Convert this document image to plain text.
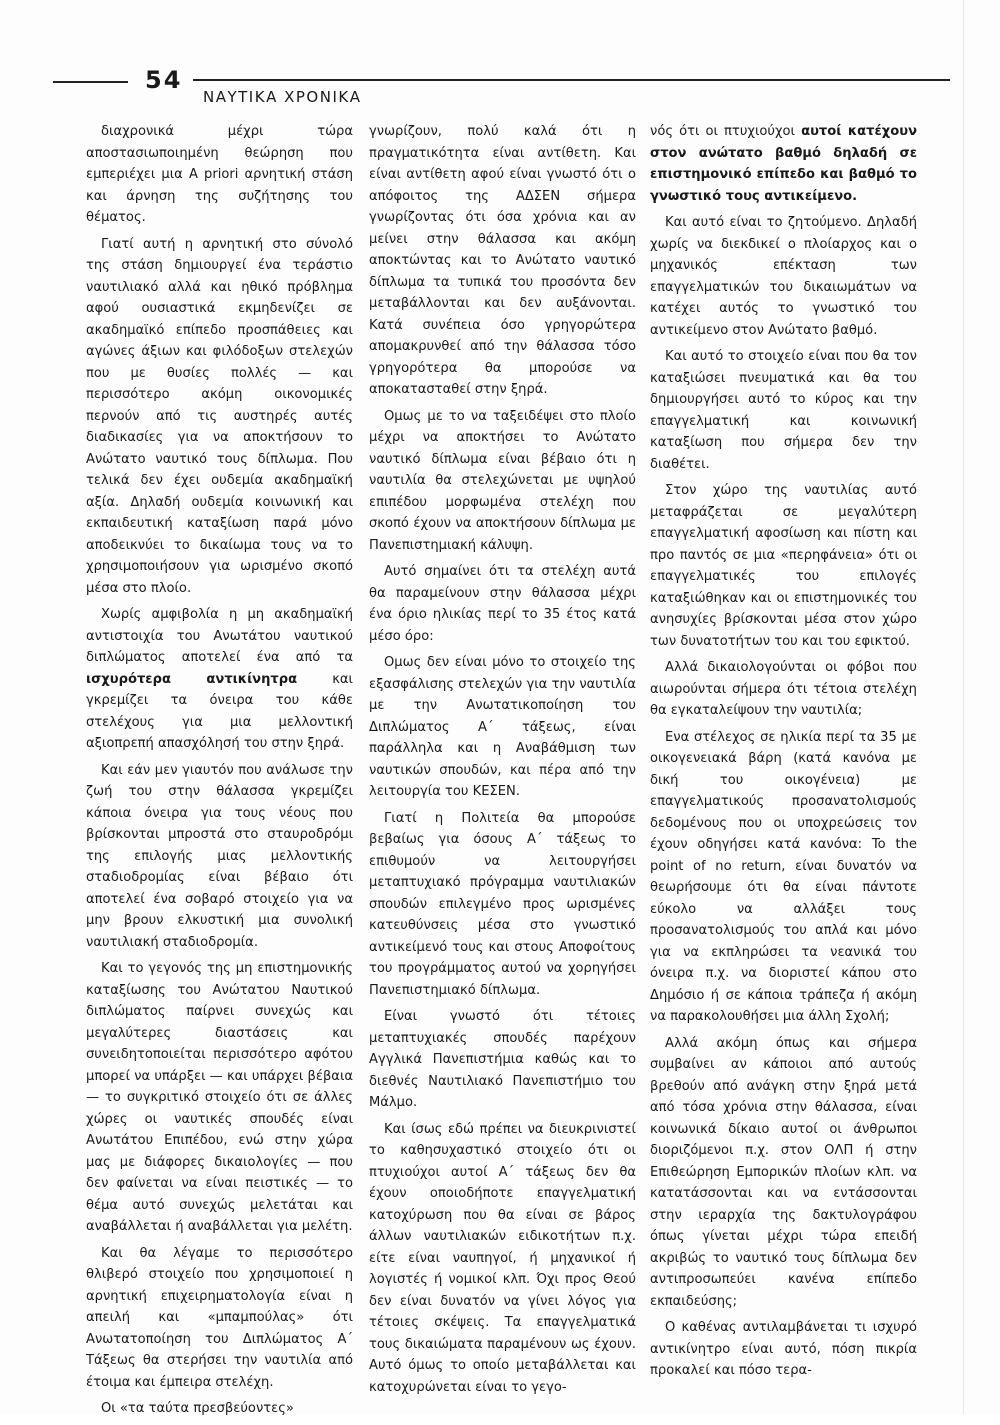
54
ΝΑΥΤΙΚΑ ΧΡΟΝΙΚΑ

διαχρονικά μέχρι τώρα αποστασιωποιημένη θεώρηση που εμπεριέχει μια A priori αρνητική στάση και άρνηση της συζήτησης του θέματος.

Γιατί αυτή η αρνητική στο σύνολό της στάση δημιουργεί ένα τεράστιο ναυτιλιακό αλλά και ηθικό πρόβλημα αφού ουσιαστικά εκμηδενίζει σε ακαδημαϊκό επίπεδο προσπάθειες και αγώνες άξιων και φιλόδοξων στελεχών που με θυσίες πολλές — και περισσότερο ακόμη οικονομικές περνούν από τις αυστηρές αυτές διαδικασίες για να αποκτήσουν το Ανώτατο ναυτικό τους δίπλωμα. Που τελικά δεν έχει ουδεμία ακαδημαϊκή αξία. Δηλαδή ουδεμία κοινωνική και εκπαιδευτική καταξίωση παρά μόνο αποδεικνύει το δικαίωμα τους να το χρησιμοποιήσουν για ωρισμένο σκοπό μέσα στο πλοίο.

Χωρίς αμφιβολία η μη ακαδημαϊκή αντιστοιχία του Ανωτάτου ναυτικού διπλώματος αποτελεί ένα από τα ισχυρότερα αντικίνητρα και γκρεμίζει τα όνειρα του κάθε στελέχους για μια μελλοντική αξιοπρεπή απασχόλησή του στην ξηρά.

Και εάν μεν γιαυτόν που ανάλωσε την ζωή του στην θάλασσα γκρεμίζει κάποια όνειρα για τους νέους που βρίσκονται μπροστά στο σταυροδρόμι της επιλογής μιας μελλοντικής σταδιοδρομίας είναι βέβαιο ότι αποτελεί ένα σοβαρό στοιχείο για να μην βρουν ελκυστική μια συνολική ναυτιλιακή σταδιοδρομία.

Και το γεγονός της μη επιστημονικής καταξίωσης του Ανώτατου Ναυτικού διπλώματος παίρνει συνεχώς και μεγαλύτερες διαστάσεις και συνειδητοποιείται περισσότερο αφότου μπορεί να υπάρξει — και υπάρχει βέβαια — το συγκριτικό στοιχείο ότι σε άλλες χώρες οι ναυτικές σπουδές είναι Ανωτάτου Επιπέδου, ενώ στην χώρα μας με διάφορες δικαιολογίες — που δεν φαίνεται να είναι πειστικές — το θέμα αυτό συνεχώς μελετάται και αναβάλλεται ή αναβάλλεται για μελέτη.

Και θα λέγαμε το περισσότερο θλιβερό στοιχείο που χρησιμοποιεί η αρνητική επιχειρηματολογία είναι η απειλή και «μπαμπούλας» ότι Ανωτατοποίηση του Διπλώματος Α΄ Τάξεως θα στερήσει την ναυτιλία από έτοιμα και έμπειρα στελέχη.

Οι «τα ταύτα πρεσβεύοντες»

γνωρίζουν, πολύ καλά ότι η πραγματικότητα είναι αντίθετη. Και είναι αντίθετη αφού είναι γνωστό ότι ο απόφοιτος της ΑΔΣΕΝ σήμερα γνωρίζοντας ότι όσα χρόνια και αν μείνει στην θάλασσα και ακόμη αποκτώντας και το Ανώτατο ναυτικό δίπλωμα τα τυπικά του προσόντα δεν μεταβάλλονται και δεν αυξάνονται. Κατά συνέπεια όσο γρηγορώτερα απομακρυνθεί από την θάλασσα τόσο γρηγορότερα θα μπορούσε να αποκατασταθεί στην ξηρά.

Ομως με το να ταξειδέψει στο πλοίο μέχρι να αποκτήσει το Ανώτατο ναυτικό δίπλωμα είναι βέβαιο ότι η ναυτιλία θα στελεχώνεται με υψηλού επιπέδου μορφωμένα στελέχη που σκοπό έχουν να αποκτήσουν δίπλωμα με Πανεπιστημιακή κάλυψη.

Αυτό σημαίνει ότι τα στελέχη αυτά θα παραμείνουν στην θάλασσα μέχρι ένα όριο ηλικίας περί το 35 έτος κατά μέσο όρο:

Ομως δεν είναι μόνο το στοιχείο της εξασφάλισης στελεχών για την ναυτιλία με την Ανωτατικοποίηση του Διπλώματος Α΄ τάξεως, είναι παράλληλα και η Αναβάθμιση των ναυτικών σπουδών, και πέρα από την λειτουργία του ΚΕΣΕΝ.

Γιατί η Πολιτεία θα μπορούσε βεβαίως για όσους Α΄ τάξεως το επιθυμούν να λειτουργήσει μεταπτυχιακό πρόγραμμα ναυτιλιακών σπουδών επιλεγμένο προς ωρισμένες κατευθύνσεις μέσα στο γνωστικό αντικείμενό τους και στους Αποφοίτους του προγράμματος αυτού να χορηγήσει Πανεπιστημιακό δίπλωμα.

Είναι γνωστό ότι τέτοιες μεταπτυχιακές σπουδές παρέχουν Αγγλικά Πανεπιστήμια καθώς και το διεθνές Ναυτιλιακό Πανεπιστήμιο του Μάλμο.

Και ίσως εδώ πρέπει να διευκρινιστεί το καθησυχαστικό στοιχείο ότι οι πτυχιούχοι αυτοί Α΄ τάξεως δεν θα έχουν οποιοδήποτε επαγγελματική κατοχύρωση που θα είναι σε βάρος άλλων ναυτιλιακών ειδικοτήτων π.χ. είτε είναι ναυπηγοί, ή μηχανικοί ή λογιστές ή νομικοί κλπ. Όχι προς Θεού δεν είναι δυνατόν να γίνει λόγος για τέτοιες σκέψεις. Τα επαγγελματικά τους δικαιώματα παραμένουν ως έχουν. Αυτό όμως το οποίο μεταβάλλεται και κατοχυρώνεται είναι το γεγο-

νός ότι οι πτυχιούχοι αυτοί κατέχουν στον ανώτατο βαθμό δηλαδή σε επιστημονικό επίπεδο και βαθμό το γνωστικό τους αντικείμενο.

Και αυτό είναι το ζητούμενο. Δηλαδή χωρίς να διεκδικεί ο πλοίαρχος και ο μηχανικός επέκταση των επαγγελματικών του δικαιωμάτων να κατέχει αυτός το γνωστικό του αντικείμενο στον Ανώτατο βαθμό.

Και αυτό το στοιχείο είναι που θα τον καταξιώσει πνευματικά και θα του δημιουργήσει αυτό το κύρος και την επαγγελματική και κοινωνική καταξίωση που σήμερα δεν την διαθέτει.

Στον χώρο της ναυτιλίας αυτό μεταφράζεται σε μεγαλύτερη επαγγελματική αφοσίωση και πίστη και προ παντός σε μια «περηφάνεια» ότι οι επαγγελματικές του επιλογές καταξιώθηκαν και οι επιστημονικές του ανησυχίες βρίσκονται μέσα στον χώρο των δυνατοτήτων του και του εφικτού.

Αλλά δικαιολογούνται οι φόβοι που αιωρούνται σήμερα ότι τέτοια στελέχη θα εγκαταλείψουν την ναυτιλία;

Ενα στέλεχος σε ηλικία περί τα 35 με οικογενειακά βάρη (κατά κανόνα με δική του οικογένεια) με επαγγελματικούς προσανατολισμούς δεδομένους που οι υποχρεώσεις τον έχουν οδηγήσει κατά κανόνα: To the point of no return, είναι δυνατόν να θεωρήσουμε ότι θα είναι πάντοτε εύκολο να αλλάξει τους προσανατολισμούς του απλά και μόνο για να εκπληρώσει τα νεανικά του όνειρα π.χ. να διοριστεί κάπου στο Δημόσιο ή σε κάποια τράπεζα ή ακόμη να παρακολουθήσει μια άλλη Σχολή;

Αλλά ακόμη όπως και σήμερα συμβαίνει αν κάποιοι από αυτούς βρεθούν από ανάγκη στην ξηρά μετά από τόσα χρόνια στην θάλασσα, είναι κοινωνικά δίκαιο αυτοί οι άνθρωποι διοριζόμενοι π.χ. στον ΟΛΠ ή στην Επιθεώρηση Εμπορικών πλοίων κλπ. να κατατάσσονται και να εντάσσονται στην ιεραρχία της δακτυλογράφου όπως γίνεται μέχρι τώρα επειδή ακριβώς το ναυτικό τους δίπλωμα δεν αντιπροσωπεύει κανένα επίπεδο εκπαιδεύσης;

Ο καθένας αντιλαμβάνεται τι ισχυρό αντικίνητρο είναι αυτό, πόση πικρία προκαλεί και πόσο τερα-
